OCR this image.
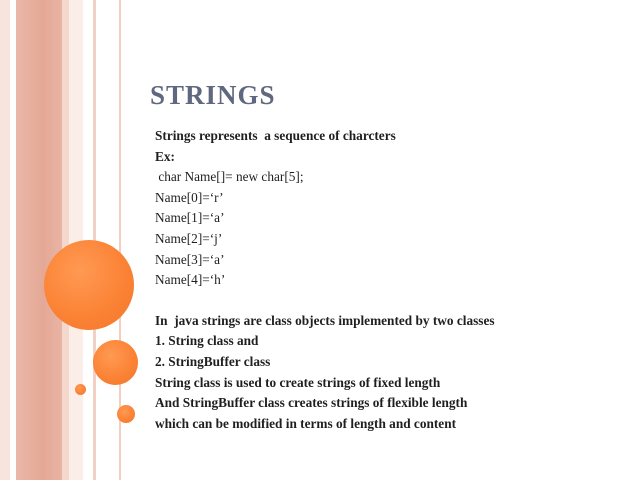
STRINGS
Strings represents  a sequence of charcters
Ex:
char Name[]= new char[5];
Name[0]=‘r’
Name[1]=‘a’
Name[2]=‘j’
Name[3]=‘a’
Name[4]=‘h’
In  java strings are class objects implemented by two classes
1. String class and
2. StringBuffer class
String class is used to create strings of fixed length
And StringBuffer class creates strings of flexible length
which can be modified in terms of length and content
